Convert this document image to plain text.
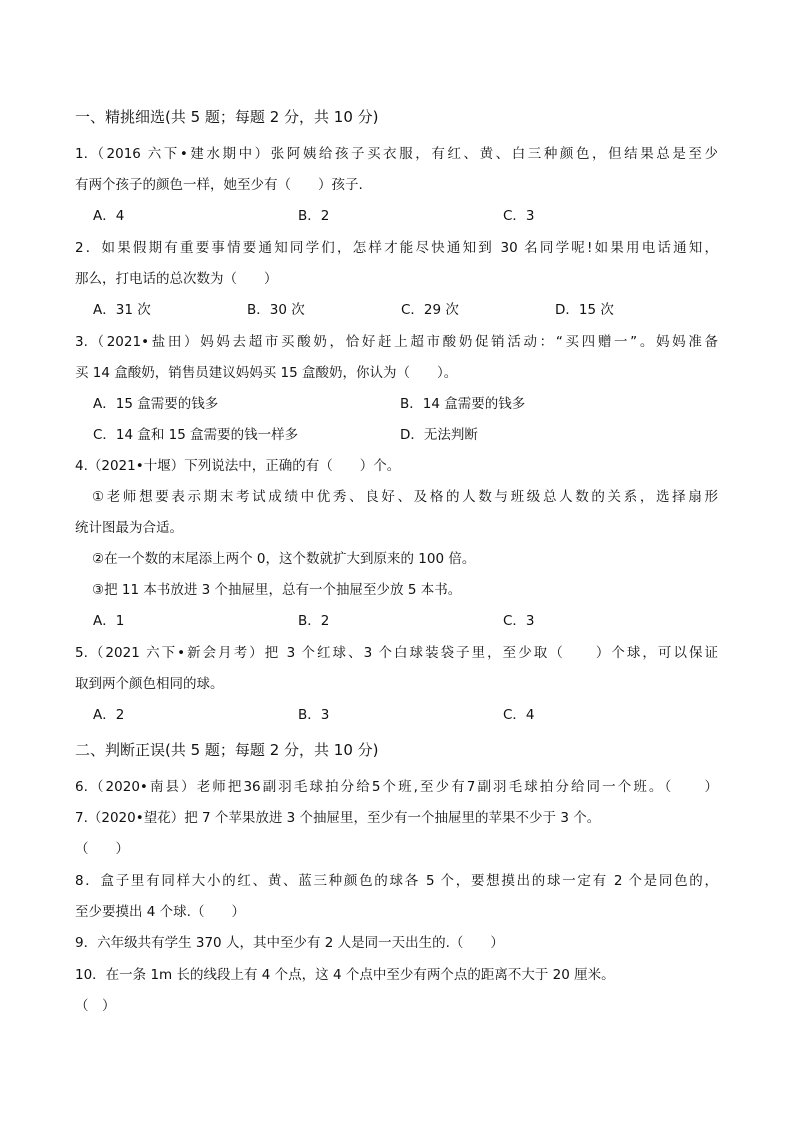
一、精挑细选(共 5 题；每题 2 分，共 10 分)
1.（2016 六下•建水期中）张阿姨给孩子买衣服，有红、黄、白三种颜色，但结果总是至少
有两个孩子的颜色一样，她至少有（　　）孩子.
A．4	B．2	C．3
2．如果假期有重要事情要通知同学们，怎样才能尽快通知到 30 名同学呢!如果用电话通知，
那么，打电话的总次数为（　　）
A．31 次	B．30 次	C．29 次	D．15 次
3.（2021•盐田）妈妈去超市买酸奶，恰好赶上超市酸奶促销活动：“买四赠一”。妈妈准备
买 14 盒酸奶，销售员建议妈妈买 15 盒酸奶，你认为（　　）。
A．15 盒需要的钱多	B．14 盒需要的钱多
C．14 盒和 15 盒需要的钱一样多	D．无法判断
4.（2021•十堰）下列说法中，正确的有（　　）个。
①老师想要表示期末考试成绩中优秀、良好、及格的人数与班级总人数的关系，选择扇形
统计图最为合适。
②在一个数的末尾添上两个 0，这个数就扩大到原来的 100 倍。
③把 11 本书放进 3 个抽屉里，总有一个抽屉至少放 5 本书。
A．1	B．2	C．3
5.（2021 六下•新会月考）把 3 个红球、3 个白球装袋子里，至少取（　　）个球，可以保证
取到两个颜色相同的球。
A．2	B．3	C．4
二、判断正误(共 5 题；每题 2 分，共 10 分)
6.（2020•南县）老师把36副羽毛球拍分给5个班,至少有7副羽毛球拍分给同一个班。（　　）
7.（2020•望花）把 7 个苹果放进 3 个抽屉里，至少有一个抽屉里的苹果不少于 3 个。
（　　）
8．盒子里有同样大小的红、黄、蓝三种颜色的球各 5 个，要想摸出的球一定有 2 个是同色的，
至少要摸出 4 个球.（　　）
9．六年级共有学生 370 人，其中至少有 2 人是同一天出生的.（　　）
10．在一条 1m 长的线段上有 4 个点，这 4 个点中至少有两个点的距离不大于 20 厘米。
（　）
